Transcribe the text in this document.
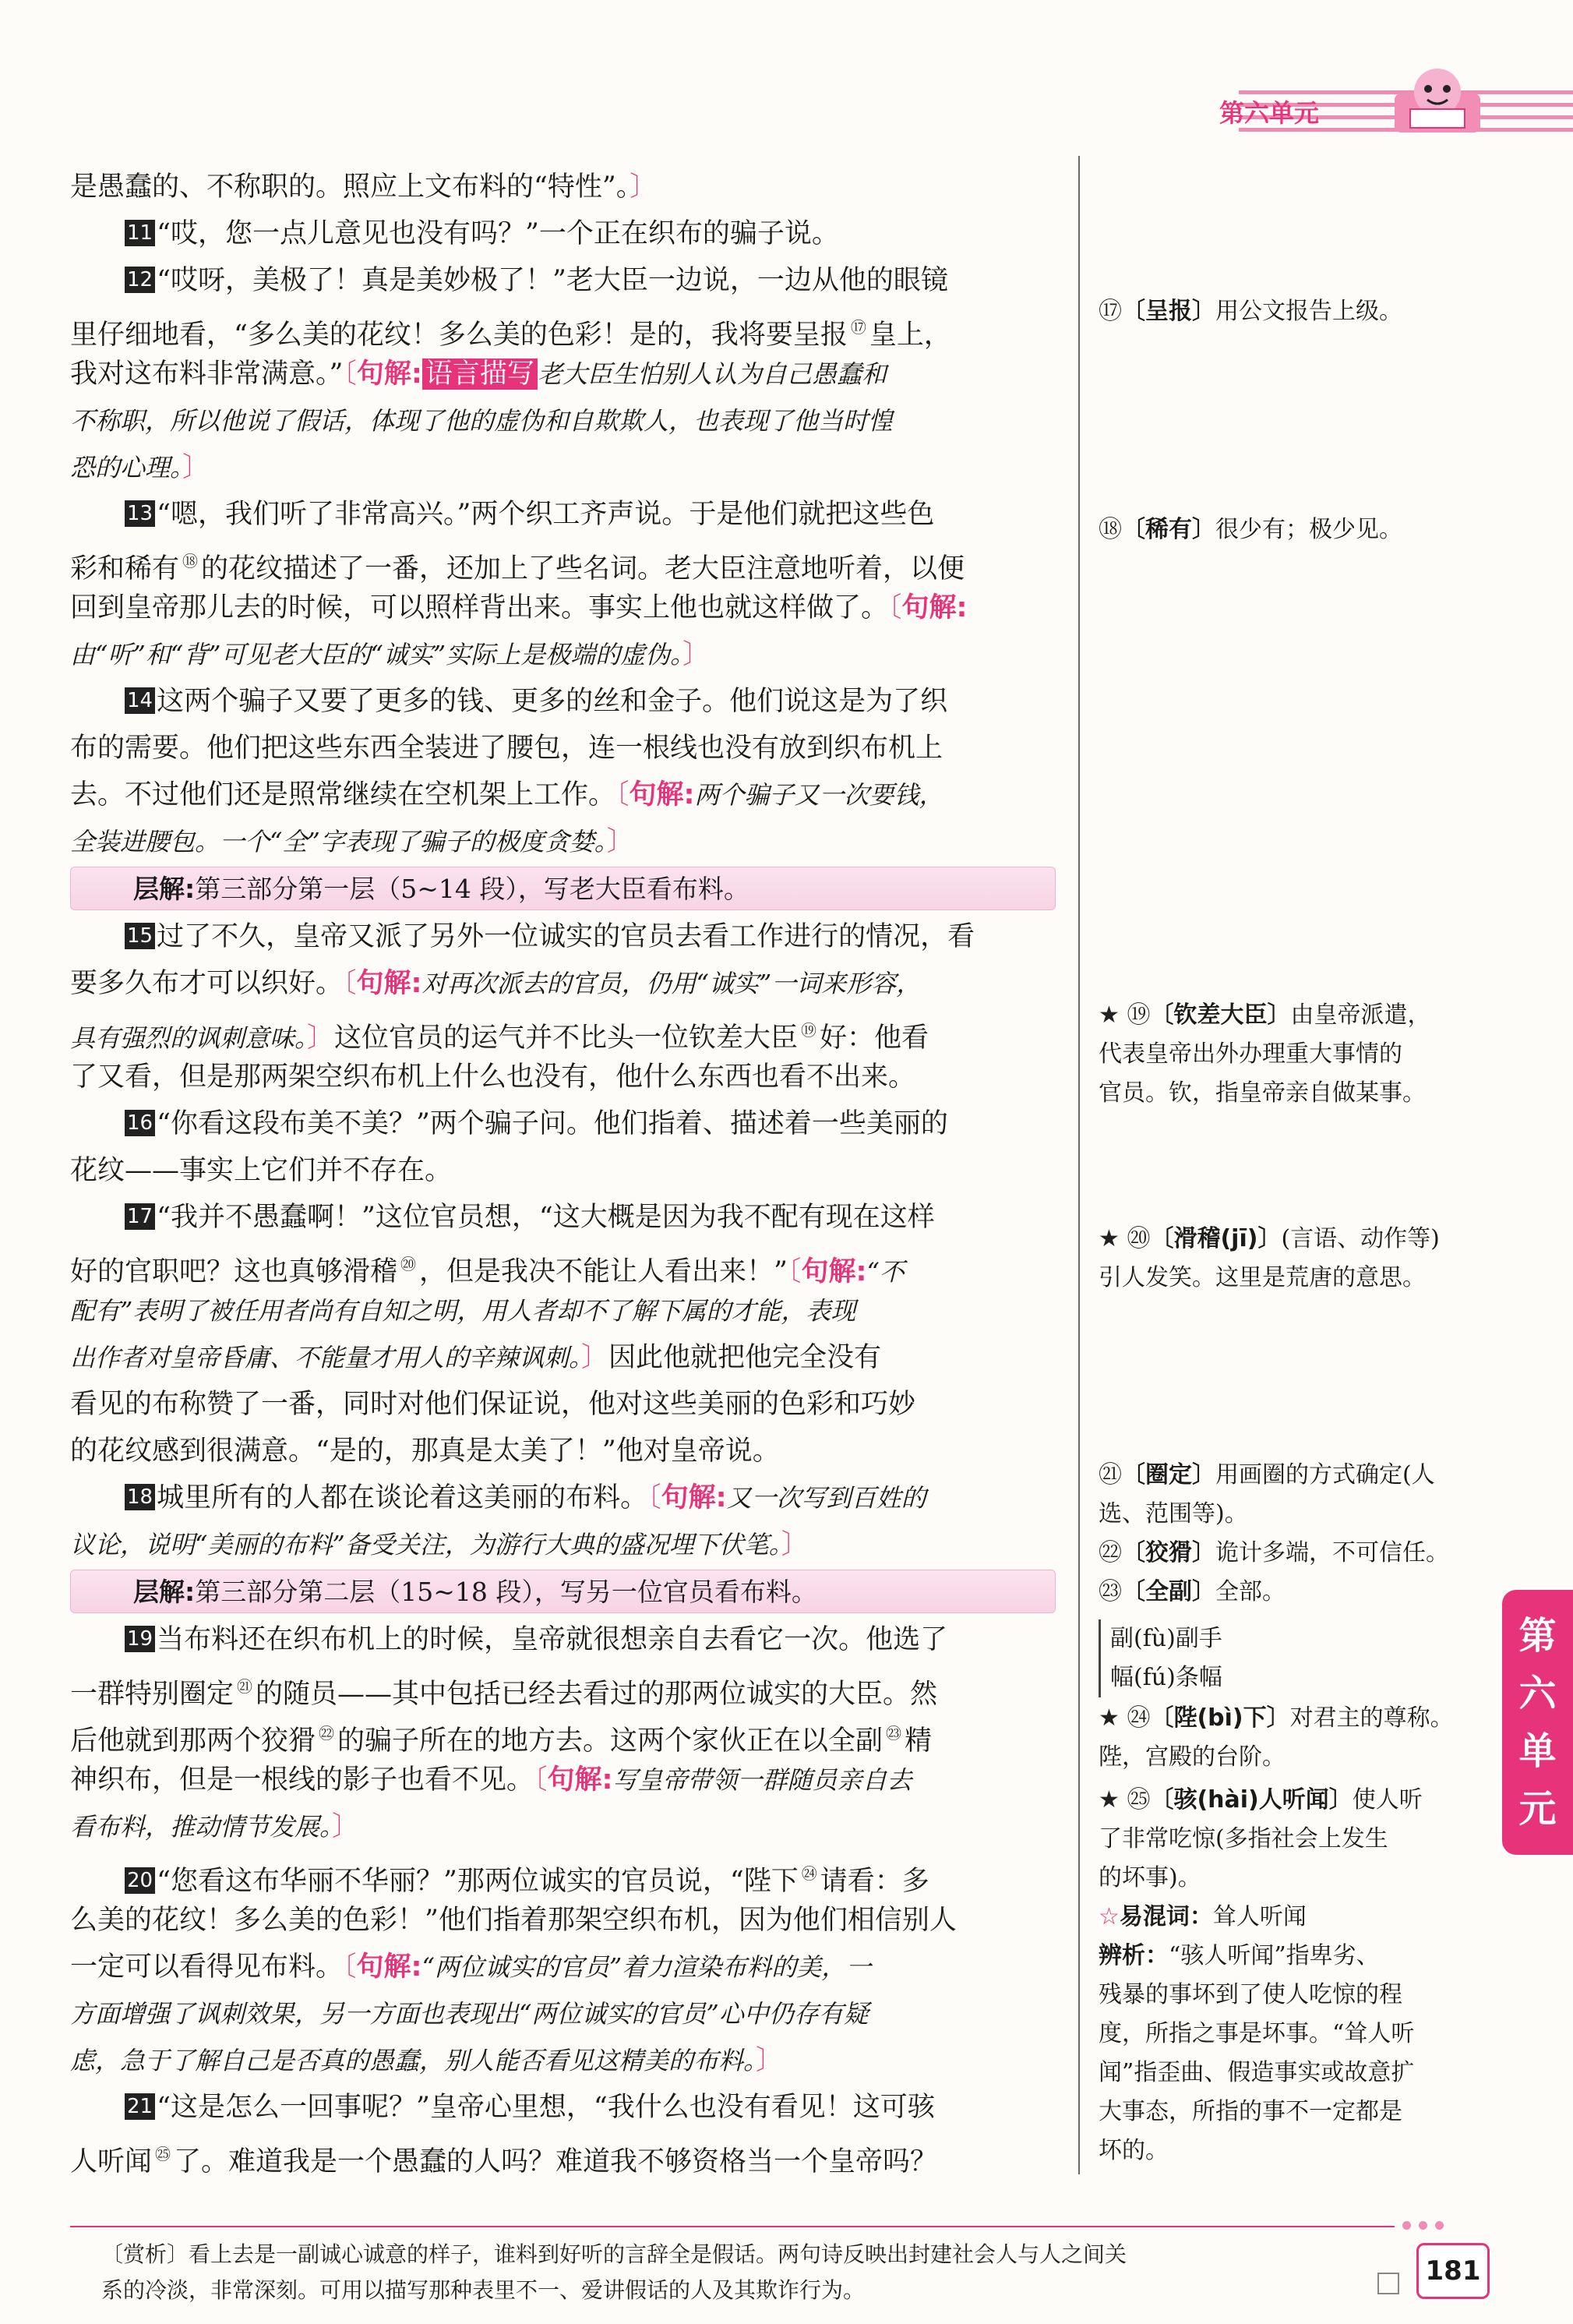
第六单元
是愚蠢的、不称职的。照应上文布料的“特性”。〕
11 “哎，您一点儿意见也没有吗？”一个正在织布的骗子说。
12 “哎呀，美极了！真是美妙极了！”老大臣一边说，一边从他的眼镜
里仔细地看，“多么美的花纹！多么美的色彩！是的，我将要呈报 ⑰ 皇上，
我对这布料非常满意。”〔句解: 语言描写 老大臣生怕别人认为自己愚蠢和
不称职，所以他说了假话，体现了他的虚伪和自欺欺人，也表现了他当时惶
恐的心理。〕
13 “嗯，我们听了非常高兴。”两个织工齐声说。于是他们就把这些色
彩和稀有 ⑱ 的花纹描述了一番，还加上了些名词。老大臣注意地听着，以便
回到皇帝那儿去的时候，可以照样背出来。事实上他也就这样做了。〔句解:
由“听”和“背”可见老大臣的“诚实”实际上是极端的虚伪。〕
14 这两个骗子又要了更多的钱、更多的丝和金子。他们说这是为了织
布的需要。他们把这些东西全装进了腰包，连一根线也没有放到织布机上
去。不过他们还是照常继续在空机架上工作。〔句解:两个骗子又一次要钱，
全装进腰包。一个“全”字表现了骗子的极度贪婪。〕
层解:第三部分第一层（5~14 段），写老大臣看布料。
15 过了不久，皇帝又派了另外一位诚实的官员去看工作进行的情况，看
要多久布才可以织好。〔句解:对再次派去的官员，仍用“诚实”一词来形容，
具有强烈的讽刺意味。〕这位官员的运气并不比头一位钦差大臣 ⑲ 好：他看
了又看，但是那两架空织布机上什么也没有，他什么东西也看不出来。
16 “你看这段布美不美？”两个骗子问。他们指着、描述着一些美丽的
花纹——事实上它们并不存在。
17 “我并不愚蠢啊！”这位官员想，“这大概是因为我不配有现在这样
好的官职吧？这也真够滑稽 ⑳ ，但是我决不能让人看出来！”〔句解:“不
配有”表明了被任用者尚有自知之明，用人者却不了解下属的才能，表现
出作者对皇帝昏庸、不能量才用人的辛辣讽刺。〕因此他就把他完全没有
看见的布称赞了一番，同时对他们保证说，他对这些美丽的色彩和巧妙
的花纹感到很满意。“是的，那真是太美了！”他对皇帝说。
18 城里所有的人都在谈论着这美丽的布料。〔句解:又一次写到百姓的
议论，说明“美丽的布料”备受关注，为游行大典的盛况埋下伏笔。〕
层解:第三部分第二层（15~18 段），写另一位官员看布料。
19 当布料还在织布机上的时候，皇帝就很想亲自去看它一次。他选了
一群特别圈定 $^㉑$ 的随员——其中包括已经去看过的那两位诚实的大臣。然
后他就到那两个狡猾 $^㉒$ 的骗子所在的地方去。这两个家伙正在以全副 $^㉓$ 精
神织布，但是一根线的影子也看不见。〔句解:写皇帝带领一群随员亲自去
看布料，推动情节发展。〕
20 “您看这布华丽不华丽？”那两位诚实的官员说，“陛下 $^㉔$ 请看：多
么美的花纹！多么美的色彩！”他们指着那架空织布机，因为他们相信别人
一定可以看得见布料。〔句解:“两位诚实的官员”着力渲染布料的美，一
方面增强了讽刺效果，另一方面也表现出“两位诚实的官员”心中仍存有疑
虑，急于了解自己是否真的愚蠢，别人能否看见这精美的布料。〕
21 “这是怎么一回事呢？”皇帝心里想，“我什么也没有看见！这可骇
人听闻 $^㉕$ 了。难道我是一个愚蠢的人吗？难道我不够资格当一个皇帝吗？
⑰〔呈报〕用公文报告上级。
⑱〔稀有〕很少有；极少见。
★ ⑲〔钦差大臣〕由皇帝派遣，
代表皇帝出外办理重大事情的
官员。钦，指皇帝亲自做某事。
★ ⑳〔滑稽(jī)〕(言语、动作等)
引人发笑。这里是荒唐的意思。
㉑〔圈定〕用画圈的方式确定(人
选、范围等)。
㉒〔狡猾〕诡计多端，不可信任。
㉓〔全副〕全部。
副(fù)副手
幅(fú)条幅
★ ㉔〔陛(bì)下〕对君主的尊称。
陛，宫殿的台阶。
★ ㉕〔骇(hài)人听闻〕使人听
了非常吃惊(多指社会上发生
的坏事)。
☆易混词：耸人听闻
辨析：“骇人听闻”指卑劣、
残暴的事坏到了使人吃惊的程
度，所指之事是坏事。“耸人听
闻”指歪曲、假造事实或故意扩
大事态，所指的事不一定都是
坏的。
第
六
单
元
〔赏析〕看上去是一副诚心诚意的样子，谁料到好听的言辞全是假话。两句诗反映出封建社会人与人之间关
系的冷淡，非常深刻。可用以描写那种表里不一、爱讲假话的人及其欺诈行为。
181
